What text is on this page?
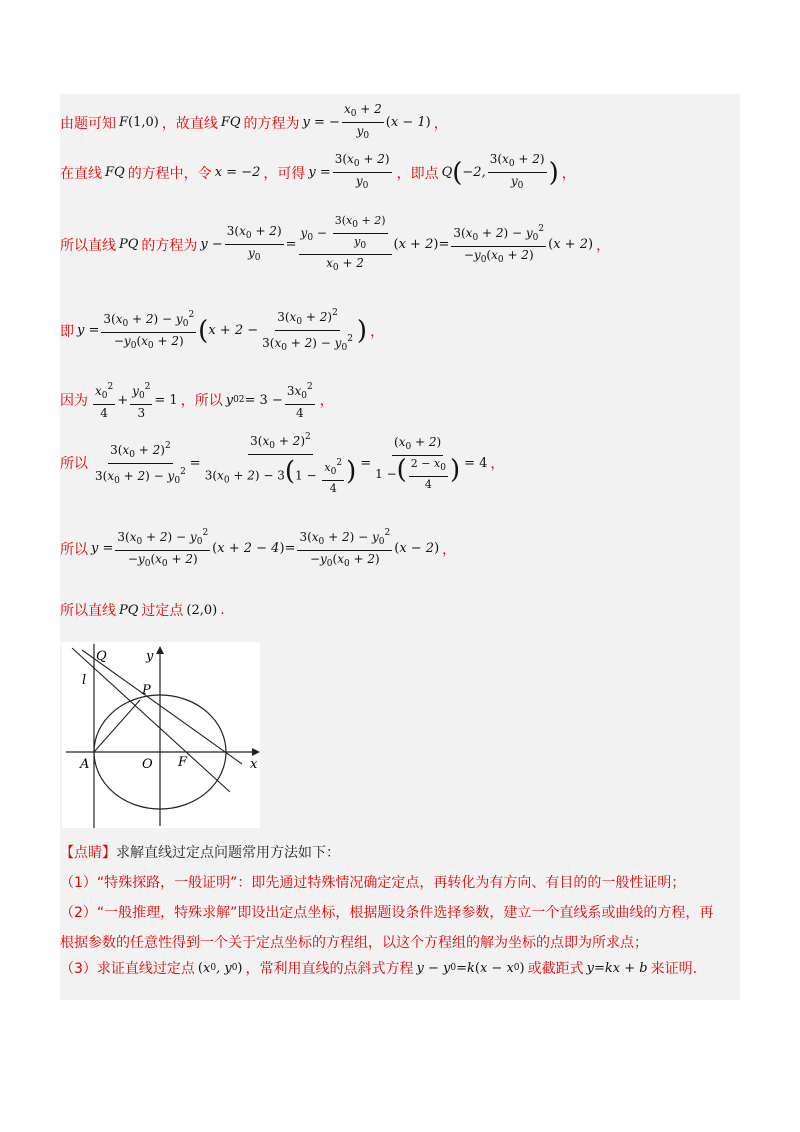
由题可知 F (1,0) ，故直线 FQ 的方程为 y = − $\frac{x_0 + 2}{y_0}$ ( x − 1 ) ，
在直线 FQ 的方程中，令 x = −2 ，可得 $y = \frac{3(x_0 + 2)}{y_0}$ ，即点 Q ( −2, $\frac{3(x_0 + 2)}{y_0}$ ) ，
所以直线 PQ 的方程为 $y - \frac{3(x_0 + 2)}{y_0} = \frac{y_0 - \frac{3(x_0 + 2)}{y_0}}{x_0 + 2}$ ( x + 2 ) = $\frac{3(x_0 + 2) - y_0^2}{-y_0(x_0 + 2)}$ ( x + 2 ) ，
即 $y = \frac{3(x_0 + 2) - y_0^2}{-y_0(x_0 + 2)}$ ( $x + 2 - \frac{3(x_0 + 2)^2}{3(x_0 + 2) - y_0^2}$ ) ，
因为 $\frac{x_0^2}{4} + \frac{y_0^2}{3} = 1$ ，所以 y 0 $2 = 3 - \frac{3x_0^2}{4}$ ，
所以 $\frac{3(x_0 + 2)^2}{3(x_0 + 2) - y_0^2} = \frac{3(x_0 + 2)^2}{3(x_0 + 2) - 3(1 - \frac{x_0^2}{4} )} = \frac{(x_0 + 2)}{1 -( \frac{2 - x_0}{4} )} = 4$ ，
所以 $y = \frac{3(x_0 + 2) - y_0^2}{-y_0(x_0 + 2)}$ ( x + 2 − 4 ) = $\frac{3(x_0 + 2) - y_0^2}{-y_0(x_0 + 2)}$ ( x − 2 ) ，
所以直线 PQ 过定点 (2,0) .
Q	y
l
P
A	O F	x
【点睛】求解直线过定点问题常用方法如下：
（1）“特殊探路，一般证明”：即先通过特殊情况确定定点，再转化为有方向、有目的的一般性证明；
（2）“一般推理，特殊求解”即设出定点坐标，根据题设条件选择参数，建立一个直线系或曲线的方程，再
根据参数的任意性得到一个关于定点坐标的方程组，以这个方程组的解为坐标的点即为所求点；
（3）求证直线过定点 ( x 0 , y 0 ) ，常利用直线的点斜式方程 y − y 0 = k ( x − x 0 ) 或截距式 y = kx + b 来证明.
